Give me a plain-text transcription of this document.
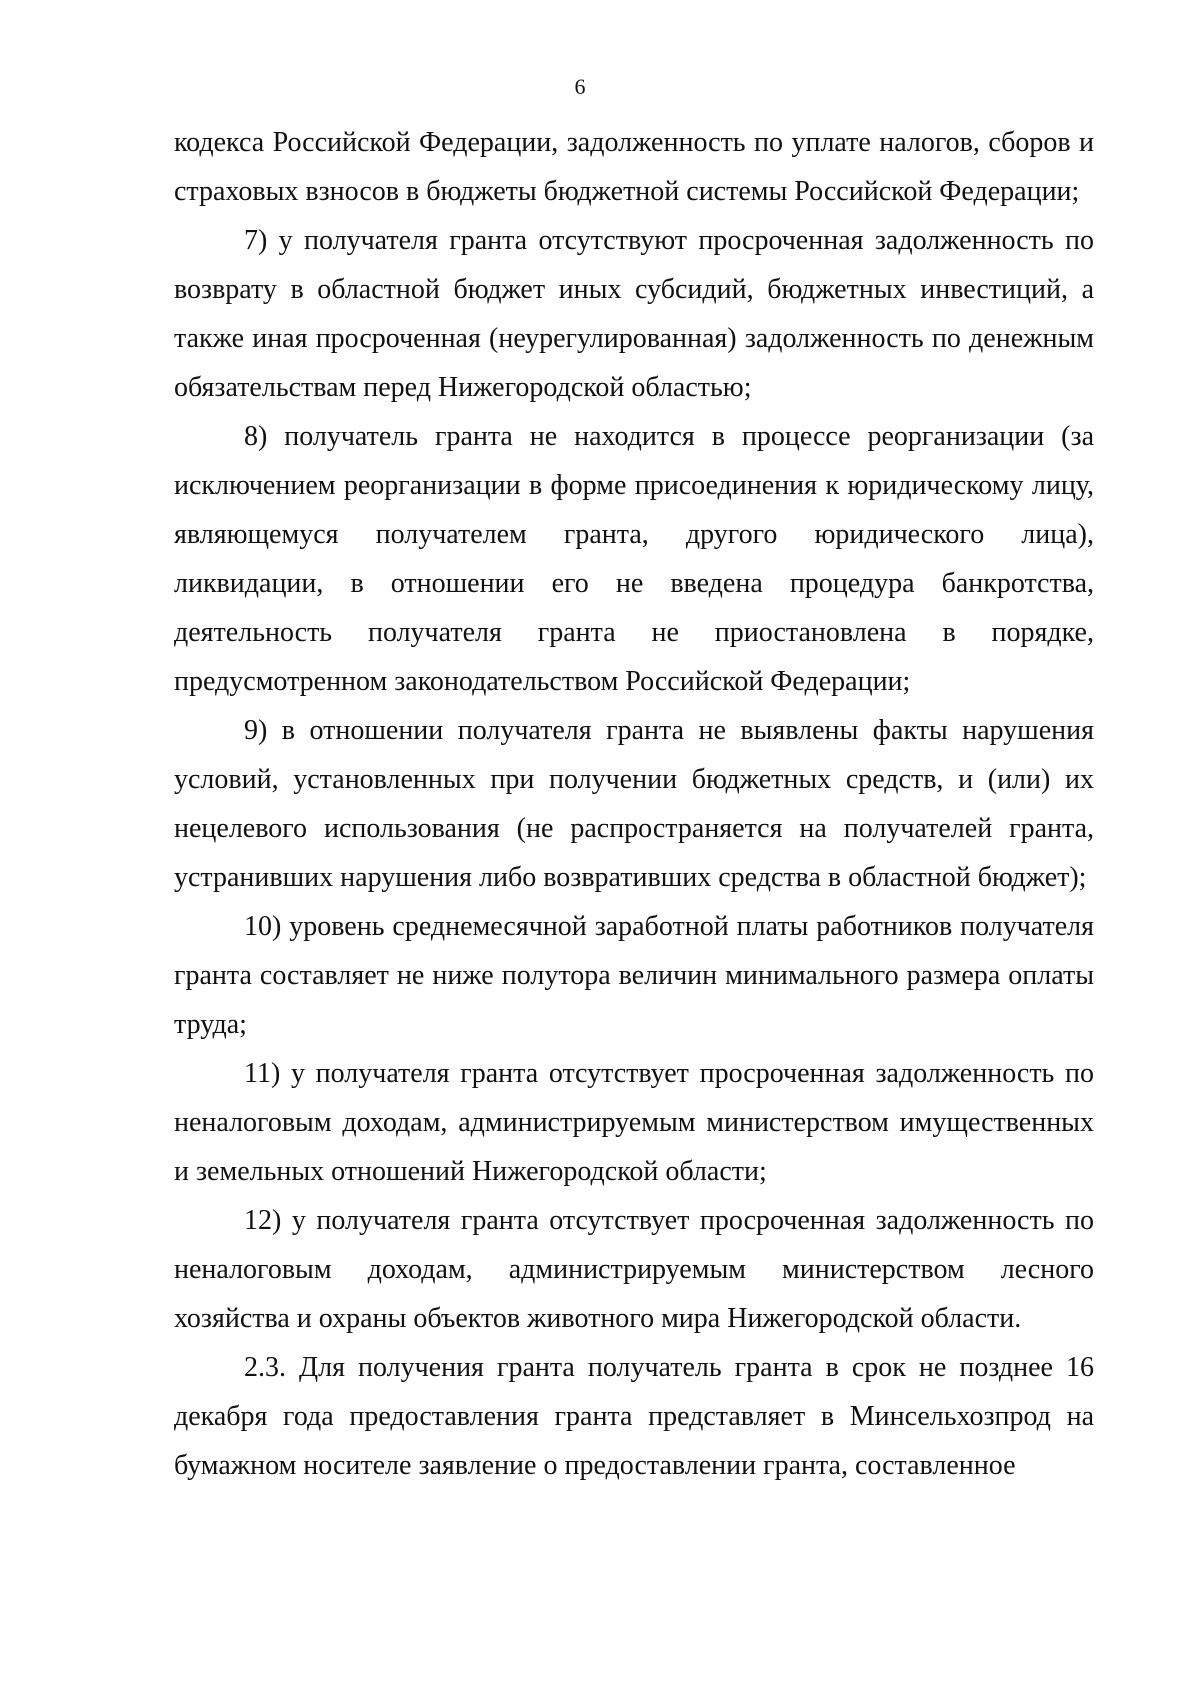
6

кодекса Российской Федерации, задолженность по уплате налогов, сборов и страховых взносов в бюджеты бюджетной системы Российской Федерации;

7) у получателя гранта отсутствуют просроченная задолженность по возврату в областной бюджет иных субсидий, бюджетных инвестиций, а также иная просроченная (неурегулированная) задолженность по денежным обязательствам перед Нижегородской областью;

8) получатель гранта не находится в процессе реорганизации (за исключением реорганизации в форме присоединения к юридическому лицу, являющемуся получателем гранта, другого юридического лица), ликвидации, в отношении его не введена процедура банкротства, деятельность получателя гранта не приостановлена в порядке, предусмотренном законодательством Российской Федерации;

9) в отношении получателя гранта не выявлены факты нарушения условий, установленных при получении бюджетных средств, и (или) их нецелевого использования (не распространяется на получателей гранта, устранивших нарушения либо возвративших средства в областной бюджет);

10) уровень среднемесячной заработной платы работников получателя гранта составляет не ниже полутора величин минимального размера оплаты труда;

11) у получателя гранта отсутствует просроченная задолженность по неналоговым доходам, администрируемым министерством имущественных и земельных отношений Нижегородской области;

12) у получателя гранта отсутствует просроченная задолженность по неналоговым доходам, администрируемым министерством лесного хозяйства и охраны объектов животного мира Нижегородской области.

2.3. Для получения гранта получатель гранта в срок не позднее 16 декабря года предоставления гранта представляет в Минсельхозпрод на бумажном носителе заявление о предоставлении гранта, составленное
